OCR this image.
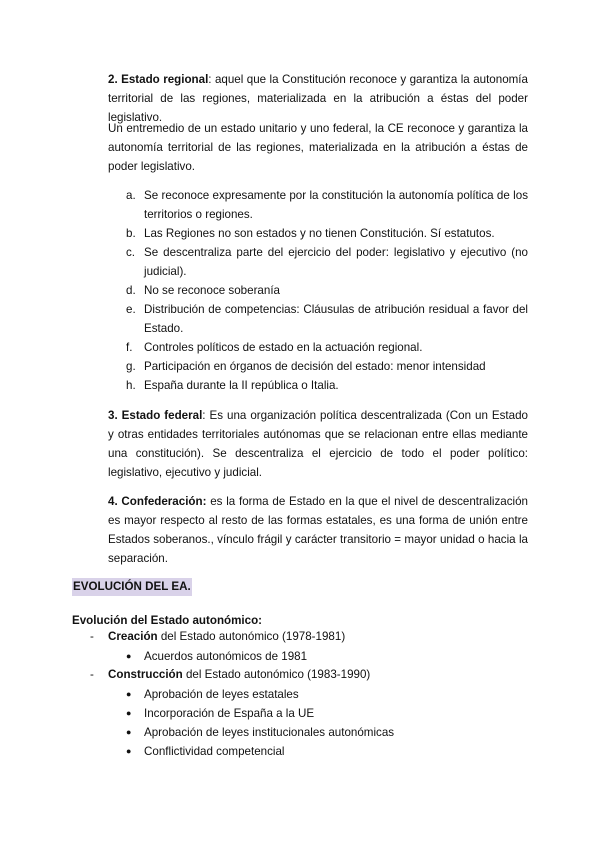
2. Estado regional: aquel que la Constitución reconoce y garantiza la autonomía territorial de las regiones, materializada en la atribución a éstas del poder legislativo.
Un entremedio de un estado unitario y uno federal, la CE reconoce y garantiza la autonomía territorial de las regiones, materializada en la atribución a éstas de poder legislativo.
a. Se reconoce expresamente por la constitución la autonomía política de los territorios o regiones.
b. Las Regiones no son estados y no tienen Constitución. Sí estatutos.
c. Se descentraliza parte del ejercicio del poder: legislativo y ejecutivo (no judicial).
d. No se reconoce soberanía
e. Distribución de competencias: Cláusulas de atribución residual a favor del Estado.
f. Controles políticos de estado en la actuación regional.
g. Participación en órganos de decisión del estado: menor intensidad
h. España durante la II república o Italia.
3. Estado federal: Es una organización política descentralizada (Con un Estado y otras entidades territoriales autónomas que se relacionan entre ellas mediante una constitución). Se descentraliza el ejercicio de todo el poder político: legislativo, ejecutivo y judicial.
4. Confederación: es la forma de Estado en la que el nivel de descentralización es mayor respecto al resto de las formas estatales, es una forma de unión entre Estados soberanos., vínculo frágil y carácter transitorio = mayor unidad o hacia la separación.
EVOLUCIÓN DEL EA.
Evolución del Estado autonómico:
- Creación del Estado autonómico (1978-1981)
● Acuerdos autonómicos de 1981
- Construcción del Estado autonómico (1983-1990)
● Aprobación de leyes estatales
● Incorporación de España a la UE
● Aprobación de leyes institucionales autonómicas
● Conflictividad competencial
